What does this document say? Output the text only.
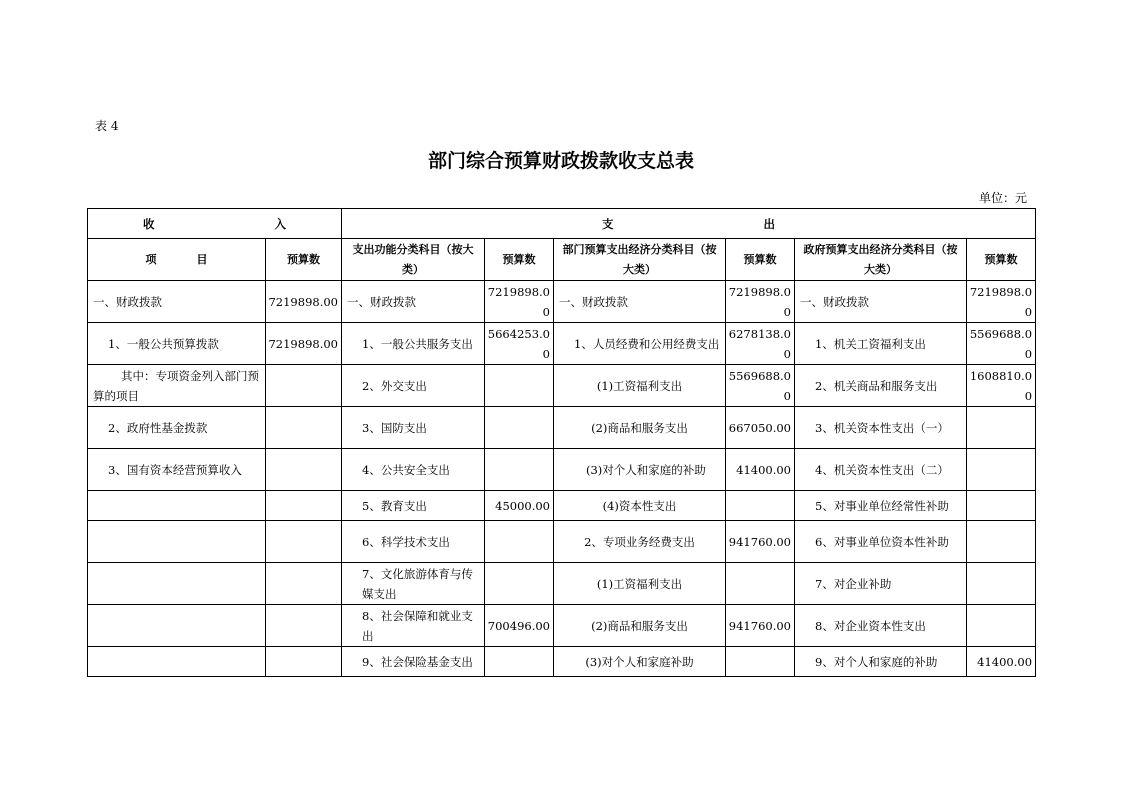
表 4
部门综合预算财政拨款收支总表
单位：元
收 入		支 出					
项 目	预算数	支出功能分类科目（按大类）	预算数	部门预算支出经济分类科目（按大类）	预算数	政府预算支出经济分类科目（按大类）	预算数
一、财政拨款	7219898.00	一、财政拨款	7219898.00	一、财政拨款	7219898.00	一、财政拨款	7219898.00
1、一般公共预算拨款	7219898.00	1、一般公共服务支出	5664253.00	1、人员经费和公用经费支出	6278138.00	1、机关工资福利支出	5569688.00
其中：专项资金列入部门预算的项目		2、外交支出		(1)工资福利支出	5569688.00	2、机关商品和服务支出	1608810.00
2、政府性基金拨款		3、国防支出		(2)商品和服务支出	667050.00	3、机关资本性支出（一）	
3、国有资本经营预算收入		4、公共安全支出		(3)对个人和家庭的补助	41400.00	4、机关资本性支出（二）	
		5、教育支出	45000.00	(4)资本性支出		5、对事业单位经常性补助	
		6、科学技术支出		2、专项业务经费支出	941760.00	6、对事业单位资本性补助	
		7、文化旅游体育与传媒支出		(1)工资福利支出		7、对企业补助	
		8、社会保障和就业支出	700496.00	(2)商品和服务支出	941760.00	8、对企业资本性支出	
		9、社会保险基金支出		(3)对个人和家庭补助		9、对个人和家庭的补助	41400.00
